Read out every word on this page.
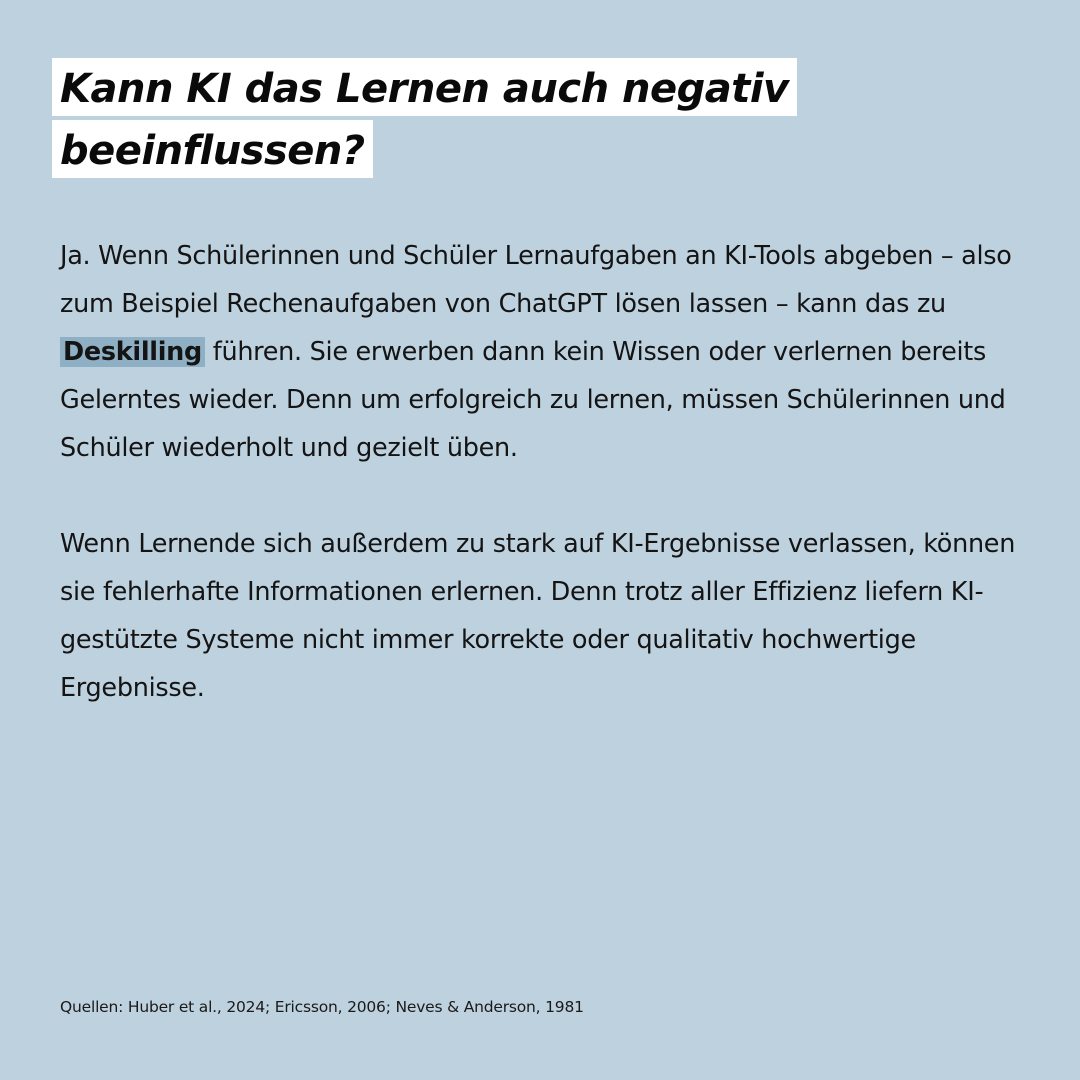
Kann KI das Lernen auch negativ
beeinflussen?

Ja. Wenn Schülerinnen und Schüler Lernaufgaben an KI-Tools abgeben – also zum Beispiel Rechenaufgaben von ChatGPT lösen lassen – kann das zu Deskilling führen. Sie erwerben dann kein Wissen oder verlernen bereits Gelerntes wieder. Denn um erfolgreich zu lernen, müssen Schülerinnen und Schüler wiederholt und gezielt üben.

Wenn Lernende sich außerdem zu stark auf KI-Ergebnisse verlassen, können sie fehlerhafte Informationen erlernen. Denn trotz aller Effizienz liefern KI-gestützte Systeme nicht immer korrekte oder qualitativ hochwertige Ergebnisse.

Quellen: Huber et al., 2024; Ericsson, 2006; Neves & Anderson, 1981
